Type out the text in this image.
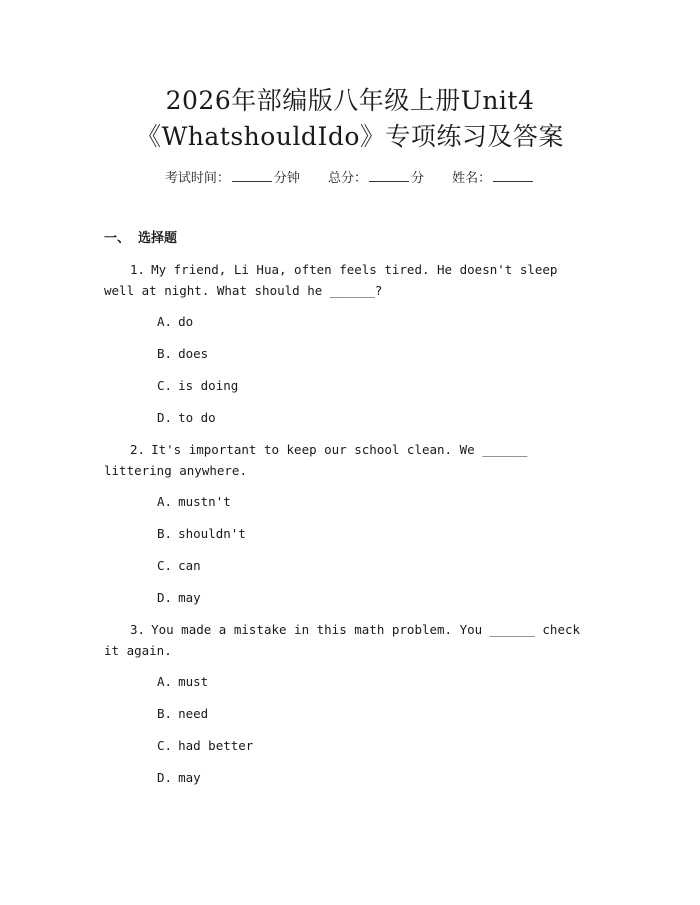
2026年部编版八年级上册Unit4
《WhatshouldIdo》专项练习及答案
考试时间：	分钟 总分：	分 姓名：
一、 选择题
1. My friend, Li Hua, often feels tired. He doesn't sleep well at night. What should he ______?
A. do
B. does
C. is doing
D. to do
2. It's important to keep our school clean. We ______ littering anywhere.
A. mustn't
B. shouldn't
C. can
D. may
3. You made a mistake in this math problem. You ______ check it again.
A. must
B. need
C. had better
D. may
